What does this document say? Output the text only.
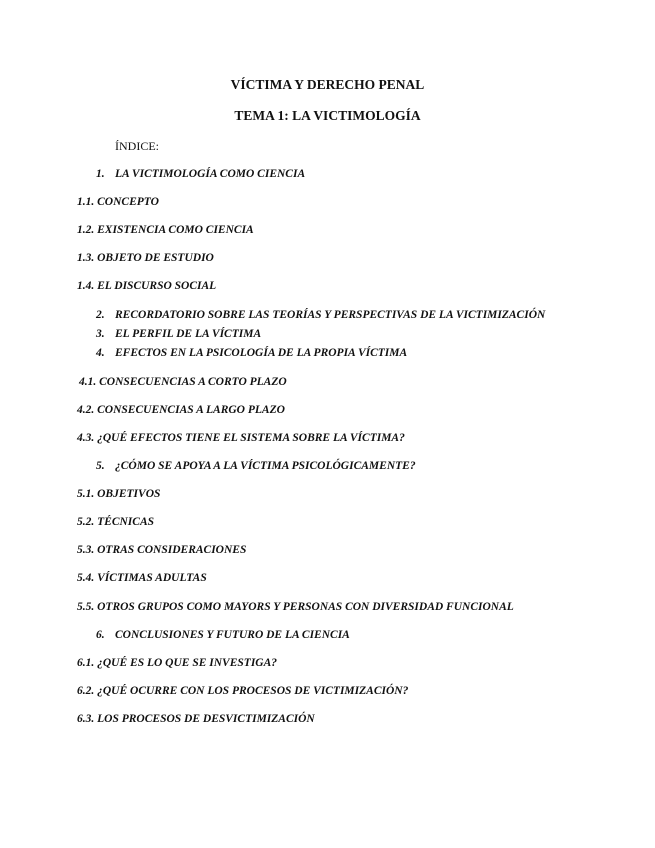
VÍCTIMA Y DERECHO PENAL
TEMA 1: LA VICTIMOLOGÍA
ÍNDICE:
1. LA VICTIMOLOGÍA COMO CIENCIA
1.1. CONCEPTO
1.2. EXISTENCIA COMO CIENCIA
1.3. OBJETO DE ESTUDIO
1.4. EL DISCURSO SOCIAL
2. RECORDATORIO SOBRE LAS TEORÍAS Y PERSPECTIVAS DE LA VICTIMIZACIÓN
3. EL PERFIL DE LA VÍCTIMA
4. EFECTOS EN LA PSICOLOGÍA DE LA PROPIA VÍCTIMA
4.1. CONSECUENCIAS A CORTO PLAZO
4.2. CONSECUENCIAS A LARGO PLAZO
4.3. ¿QUÉ EFECTOS TIENE EL SISTEMA SOBRE LA VÍCTIMA?
5. ¿CÓMO SE APOYA A LA VÍCTIMA PSICOLÓGICAMENTE?
5.1. OBJETIVOS
5.2. TÉCNICAS
5.3. OTRAS CONSIDERACIONES
5.4. VÍCTIMAS ADULTAS
5.5. OTROS GRUPOS COMO MAYORS Y PERSONAS CON DIVERSIDAD FUNCIONAL
6. CONCLUSIONES Y FUTURO DE LA CIENCIA
6.1. ¿QUÉ ES LO QUE SE INVESTIGA?
6.2. ¿QUÉ OCURRE CON LOS PROCESOS DE VICTIMIZACIÓN?
6.3. LOS PROCESOS DE DESVICTIMIZACIÓN
